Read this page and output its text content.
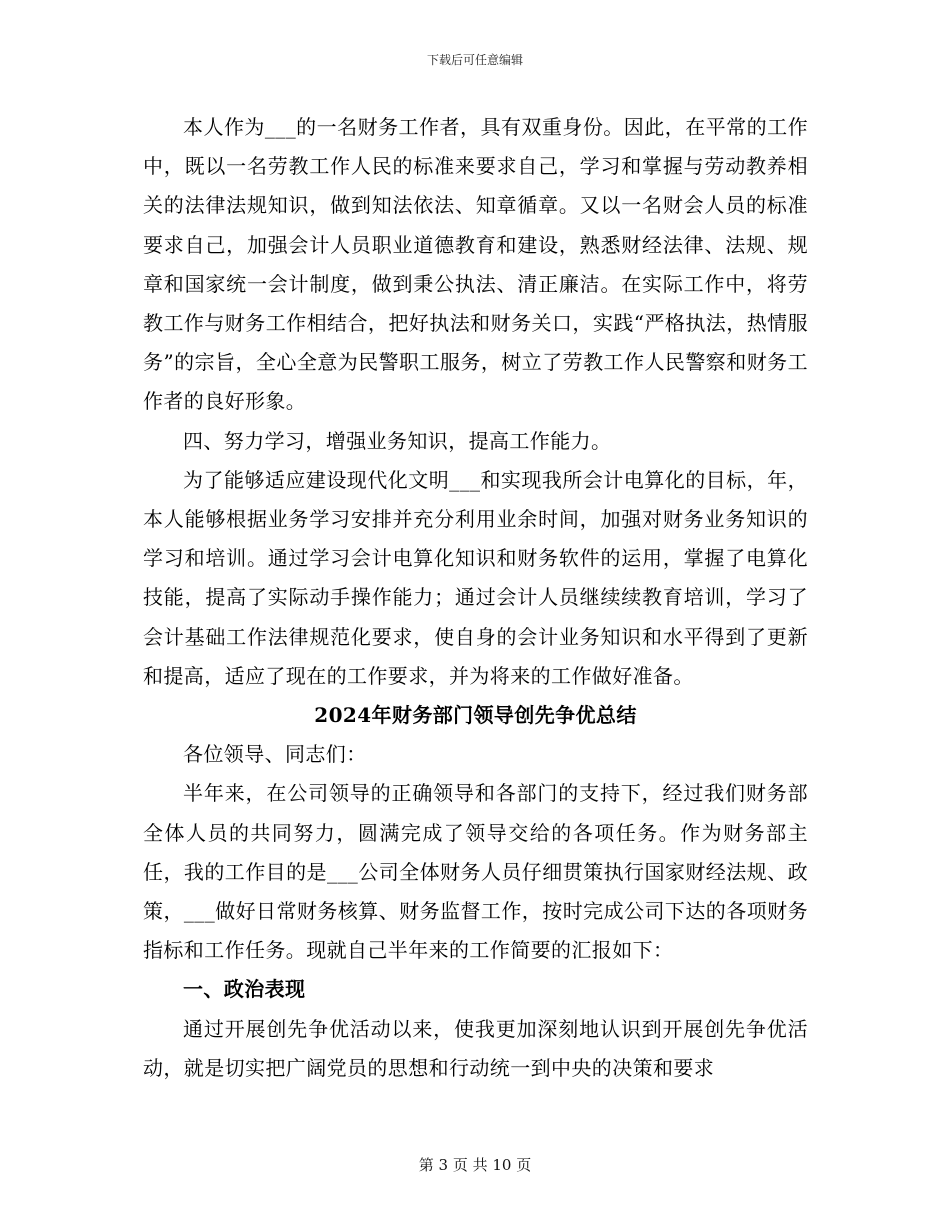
下载后可任意编辑

本人作为___的一名财务工作者，具有双重身份。因此，在平常的工作中，既以一名劳教工作人民的标准来要求自己，学习和掌握与劳动教养相关的法律法规知识，做到知法依法、知章循章。又以一名财会人员的标准要求自己，加强会计人员职业道德教育和建设，熟悉财经法律、法规、规章和国家统一会计制度，做到秉公执法、清正廉洁。在实际工作中，将劳教工作与财务工作相结合，把好执法和财务关口，实践“严格执法，热情服务”的宗旨，全心全意为民警职工服务，树立了劳教工作人民警察和财务工作者的良好形象。

四、努力学习，增强业务知识，提高工作能力。

为了能够适应建设现代化文明___和实现我所会计电算化的目标，年，本人能够根据业务学习安排并充分利用业余时间，加强对财务业务知识的学习和培训。通过学习会计电算化知识和财务软件的运用，掌握了电算化技能，提高了实际动手操作能力；通过会计人员继续续教育培训，学习了会计基础工作法律规范化要求，使自身的会计业务知识和水平得到了更新和提高，适应了现在的工作要求，并为将来的工作做好准备。

2024年财务部门领导创先争优总结

各位领导、同志们：

半年来，在公司领导的正确领导和各部门的支持下，经过我们财务部全体人员的共同努力，圆满完成了领导交给的各项任务。作为财务部主任，我的工作目的是___公司全体财务人员仔细贯策执行国家财经法规、政策，___做好日常财务核算、财务监督工作，按时完成公司下达的各项财务指标和工作任务。现就自己半年来的工作简要的汇报如下：

一、政治表现

通过开展创先争优活动以来，使我更加深刻地认识到开展创先争优活动，就是切实把广阔党员的思想和行动统一到中央的决策和要求

第 3 页 共 10 页
